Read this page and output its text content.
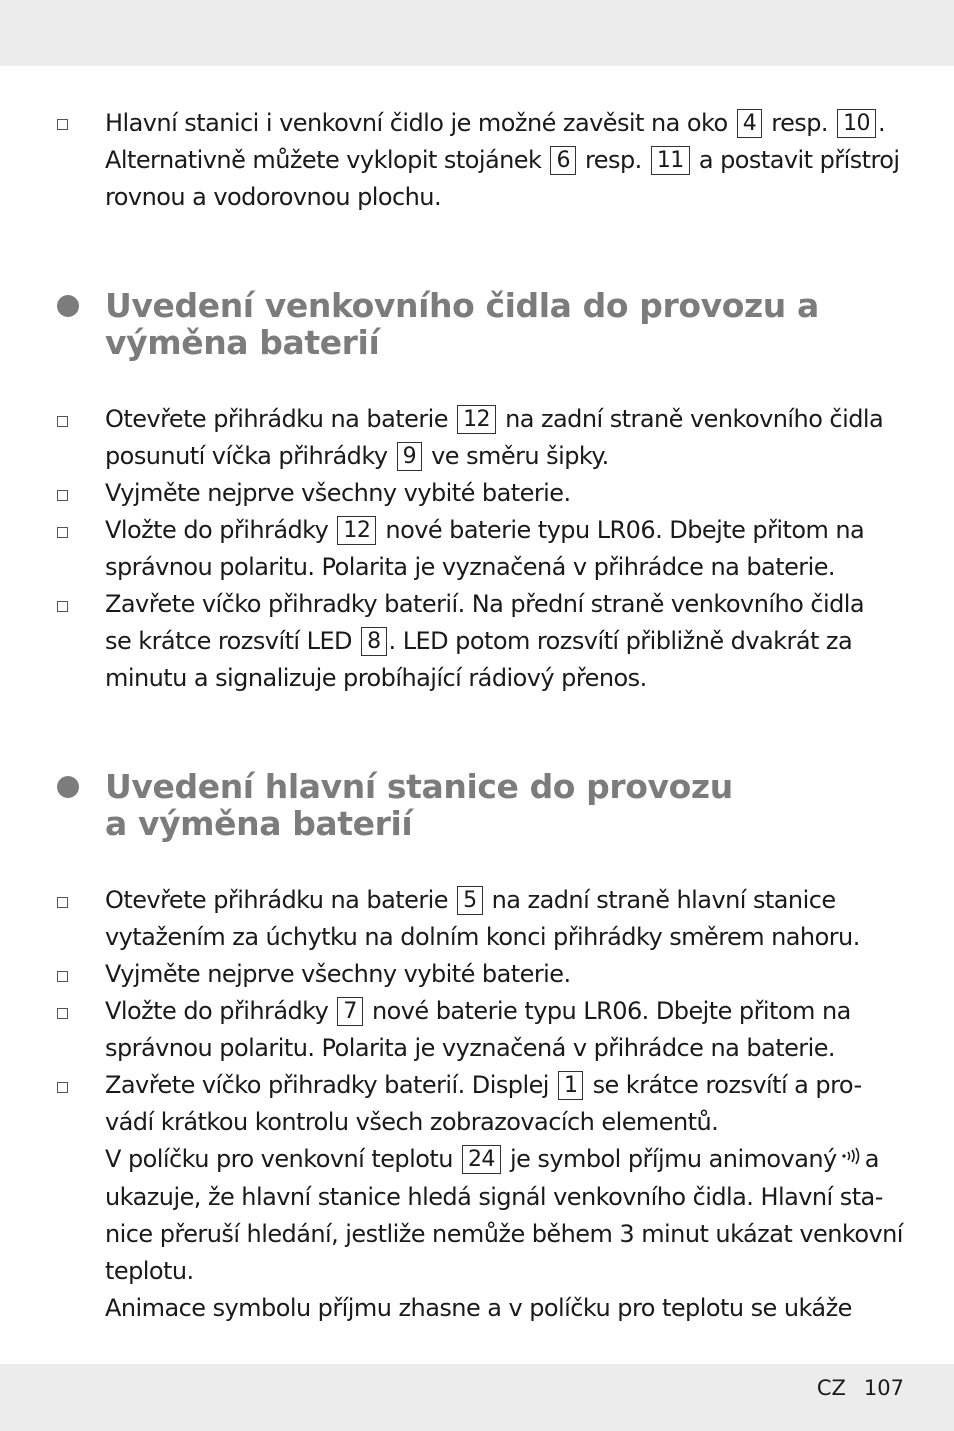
Hlavní stanici i venkovní čidlo je možné zavěsit na oko 4 resp. 10 .
Alternativně můžete vyklopit stojánek 6 resp. 11 a postavit přístroj
rovnou a vodorovnou plochu.
Uvedení venkovního čidla do provozu a
výměna baterií
Otevřete přihrádku na baterie 12 na zadní straně venkovního čidla
posunutí víčka přihrádky 9 ve směru šipky.
Vyjměte nejprve všechny vybité baterie.
Vložte do přihrádky 12 nové baterie typu LR06. Dbejte přitom na
správnou polaritu. Polarita je vyznačená v přihrádce na baterie.
Zavřete víčko přihradky baterií. Na přední straně venkovního čidla
se krátce rozsvítí LED 8 . LED potom rozsvítí přibližně dvakrát za
minutu a signalizuje probíhající rádiový přenos.
Uvedení hlavní stanice do provozu
a výměna baterií
Otevřete přihrádku na baterie 5 na zadní straně hlavní stanice
vytažením za úchytku na dolním konci přihrádky směrem nahoru.
Vyjměte nejprve všechny vybité baterie.
Vložte do přihrádky 7 nové baterie typu LR06. Dbejte přitom na
správnou polaritu. Polarita je vyznačená v přihrádce na baterie.
Zavřete víčko přihradky baterií. Displej 1 se krátce rozsvítí a pro-
vádí krátkou kontrolu všech zobrazovacích elementů.
V políčku pro venkovní teplotu 24 je symbol příjmu animovaný a
ukazuje, že hlavní stanice hledá signál venkovního čidla. Hlavní sta-
nice přeruší hledání, jestliže nemůže během 3 minut ukázat venkovní
teplotu.
Animace symbolu příjmu zhasne a v políčku pro teplotu se ukáže
CZ 107
